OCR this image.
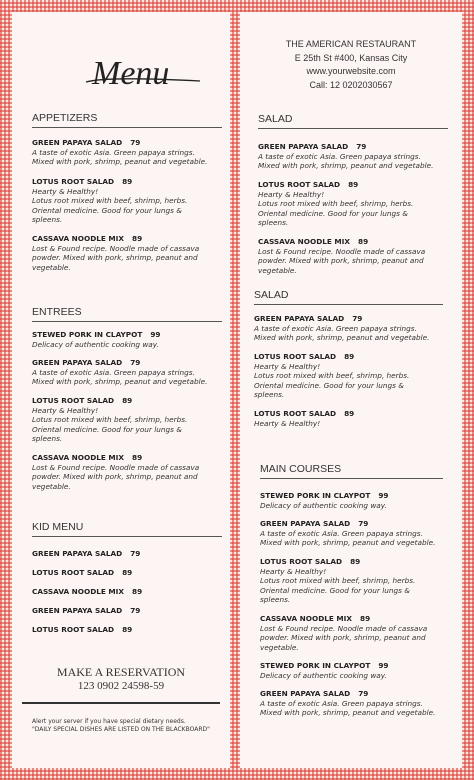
Menu
APPETIZERS
GREEN PAPAYA SALAD 79
A taste of exotic Asia. Green papaya strings.
Mixed with pork, shrimp, peanut and vegetable.
LOTUS ROOT SALAD 89
Hearty & Healthy!
Lotus root mixed with beef, shrimp, herbs.
Oriental medicine. Good for your lungs &
spleens.
CASSAVA NOODLE MIX 89
Lost & Found recipe. Noodle made of cassava
powder. Mixed with pork, shrimp, peanut and
vegetable.
ENTREES
STEWED PORK IN CLAYPOT 99
Delicacy of authentic cooking way.
GREEN PAPAYA SALAD 79
A taste of exotic Asia. Green papaya strings.
Mixed with pork, shrimp, peanut and vegetable.
LOTUS ROOT SALAD 89
Hearty & Healthy!
Lotus root mixed with beef, shrimp, herbs.
Oriental medicine. Good for your lungs &
spleens.
CASSAVA NOODLE MIX 89
Lost & Found recipe. Noodle made of cassava
powder. Mixed with pork, shrimp, peanut and
vegetable.
KID MENU
GREEN PAPAYA SALAD 79
LOTUS ROOT SALAD 89
CASSAVA NOODLE MIX 89
GREEN PAPAYA SALAD 79
LOTUS ROOT SALAD 89
MAKE A RESERVATION
123 0902 24598-59
Alert your server if you have special dietary needs.
"DAILY SPECIAL DISHES ARE LISTED ON THE BLACKBOARD"
THE AMERICAN RESTAURANT
E 25th St #400, Kansas City
www.yourwebsite.com
Call: 12 0202030567
SALAD
GREEN PAPAYA SALAD 79
A taste of exotic Asia. Green papaya strings.
Mixed with pork, shrimp, peanut and vegetable.
LOTUS ROOT SALAD 89
Hearty & Healthy!
Lotus root mixed with beef, shrimp, herbs.
Oriental medicine. Good for your lungs &
spleens.
CASSAVA NOODLE MIX 89
Lost & Found recipe. Noodle made of cassava
powder. Mixed with pork, shrimp, peanut and
vegetable.
SALAD
GREEN PAPAYA SALAD 79
A taste of exotic Asia. Green papaya strings.
Mixed with pork, shrimp, peanut and vegetable.
LOTUS ROOT SALAD 89
Hearty & Healthy!
Lotus root mixed with beef, shrimp, herbs.
Oriental medicine. Good for your lungs &
spleens.
LOTUS ROOT SALAD 89
Hearty & Healthy!
MAIN COURSES
STEWED PORK IN CLAYPOT 99
Delicacy of authentic cooking way.
GREEN PAPAYA SALAD 79
A taste of exotic Asia. Green papaya strings.
Mixed with pork, shrimp, peanut and vegetable.
LOTUS ROOT SALAD 89
Hearty & Healthy!
Lotus root mixed with beef, shrimp, herbs.
Oriental medicine. Good for your lungs &
spleens.
CASSAVA NOODLE MIX 89
Lost & Found recipe. Noodle made of cassava
powder. Mixed with pork, shrimp, peanut and
vegetable.
STEWED PORK IN CLAYPOT 99
Delicacy of authentic cooking way.
GREEN PAPAYA SALAD 79
A taste of exotic Asia. Green papaya strings.
Mixed with pork, shrimp, peanut and vegetable.
